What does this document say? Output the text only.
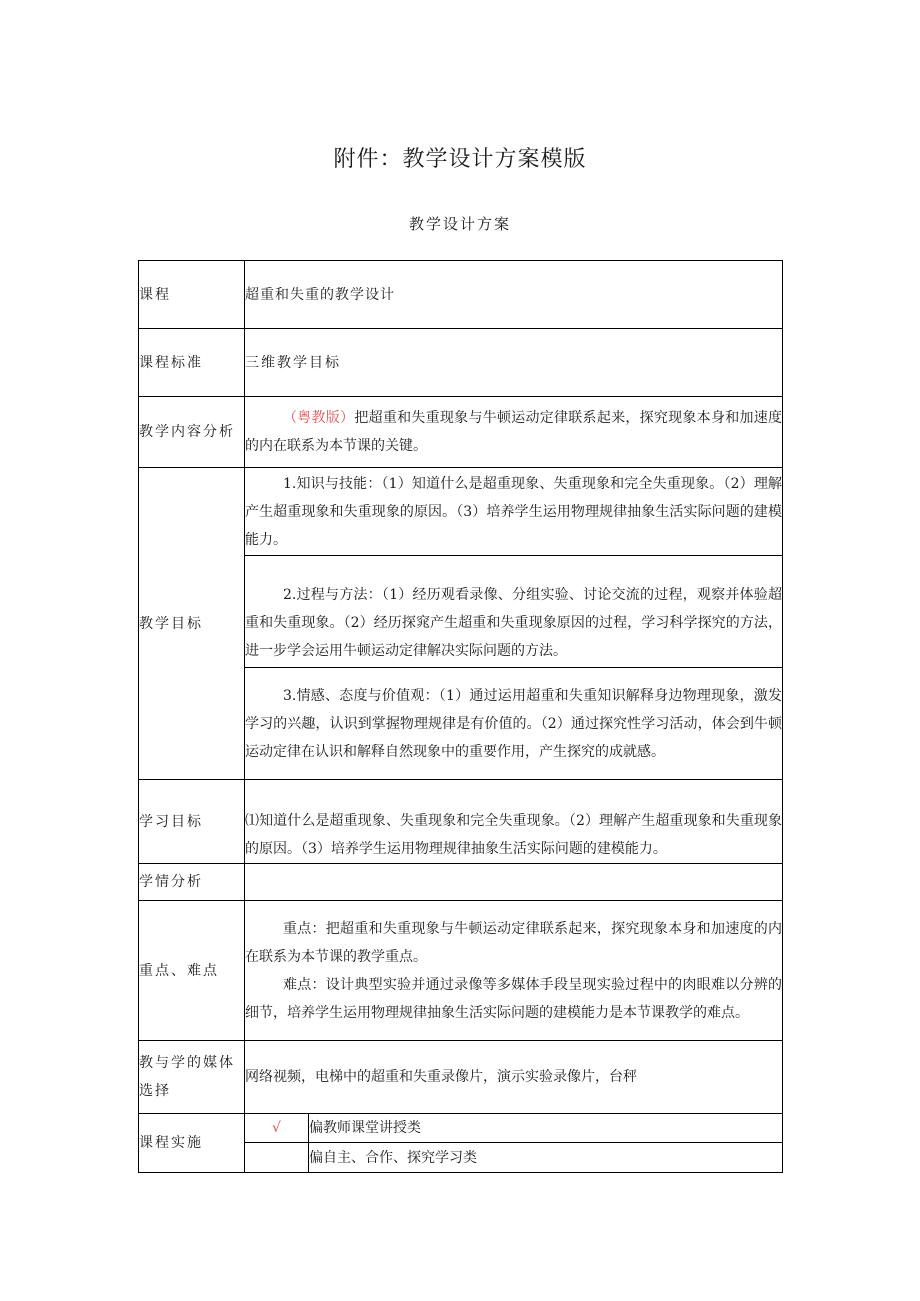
附件：教学设计方案模版
教学设计方案
课程	超重和失重的教学设计	
课程标准	三维教学目标	
教学内容分析	（粤教版）把超重和失重现象与牛顿运动定律联系起来，探究现象本身和加速度的内在联系为本节课的关键。	

教学目标	1.知识与技能：（1）知道什么是超重现象、失重现象和完全失重现象。（2）理解产生超重现象和失重现象的原因。（3）培养学生运用物理规律抽象生活实际问题的建模能力。	

	2.过程与方法：（1）经历观看录像、分组实验、讨论交流的过程，观察并体验超重和失重现象。（2）经历探窕产生超重和失重现象原因的过程，学习科学探究的方法，进一步学会运用牛顿运动定律解决实际问题的方法。	

	3.情感、态度与价值观：（1）通过运用超重和失重知识解释身边物理现象，激发学习的兴趣，认识到掌握物理规律是有价值的。（2）通过探究性学习活动，体会到牛顿运动定律在认识和解释自然现象中的重要作用，产生探究的成就感。	

学习目标	⑴知道什么是超重现象、失重现象和完全失重现象。（2）理解产生超重现象和失重现象的原因。（3）培养学生运用物理规律抽象生活实际问题的建模能力。	
学情分析		
重点、难点	重点：把超重和失重现象与牛顿运动定律联系起来，探究现象本身和加速度的内在联系为本节课的教学重点。
难点：设计典型实验并通过录像等多媒体手段呈现实验过程中的肉眼难以分辨的细节，培养学生运用物理规律抽象生活实际问题的建模能力是本节课教学的难点。	

教与学的媒体选择	网络视频，电梯中的超重和失重录像片，演示实验录像片，台秤	
课程实施	√	偏教师课堂讲授类
		偏自主、合作、探究学习类
